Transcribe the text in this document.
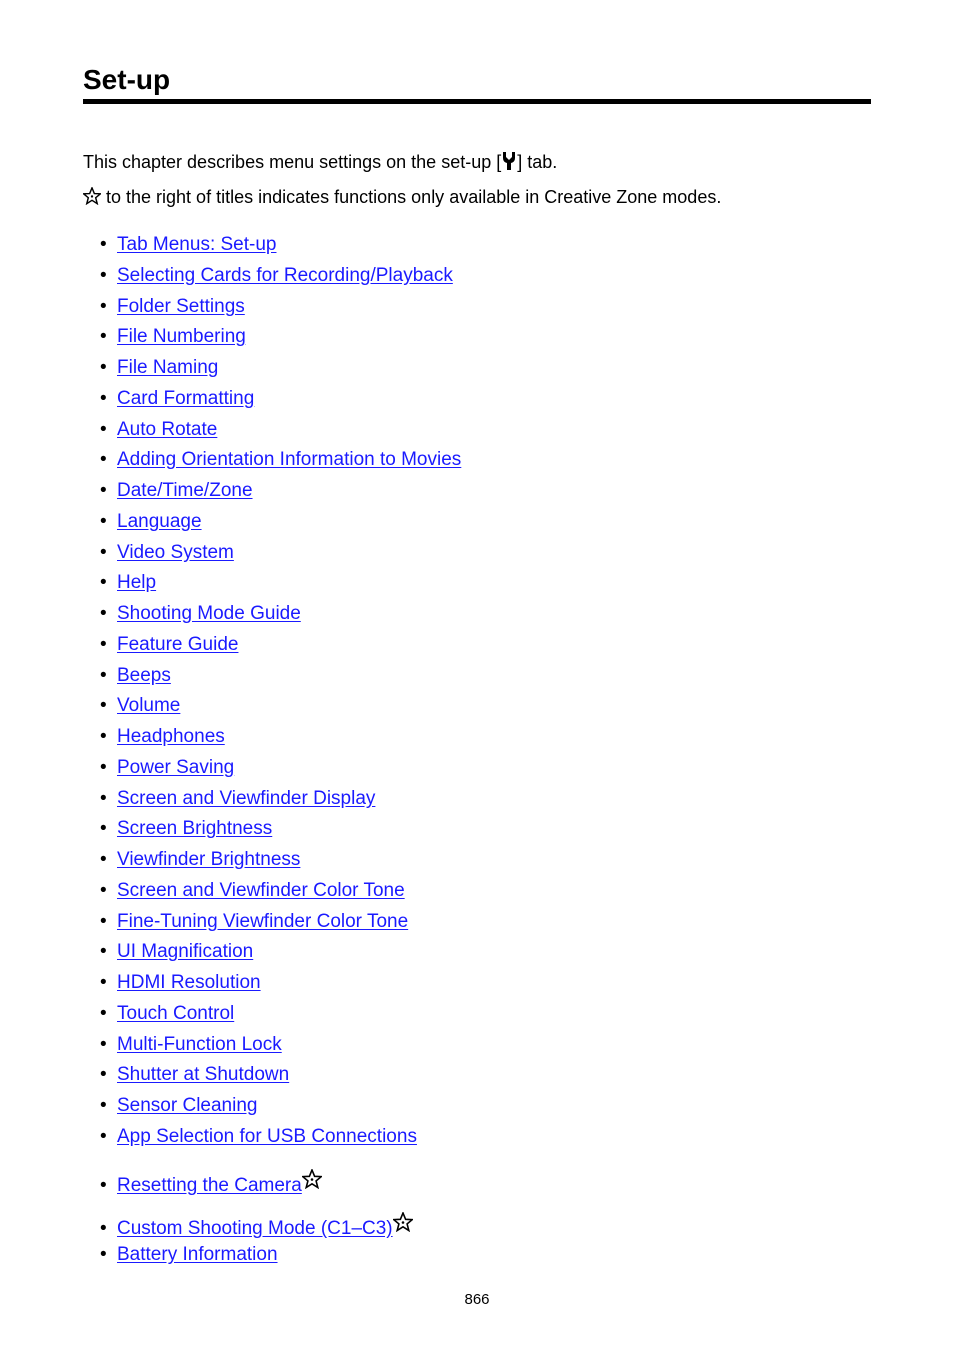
Set-up
This chapter describes menu settings on the set-up [ ] tab.
to the right of titles indicates functions only available in Creative Zone modes.
• Tab Menus: Set-up
• Selecting Cards for Recording/Playback
• Folder Settings
• File Numbering
• File Naming
• Card Formatting
• Auto Rotate
• Adding Orientation Information to Movies
• Date/Time/Zone
• Language
• Video System
• Help
• Shooting Mode Guide
• Feature Guide
• Beeps
• Volume
• Headphones
• Power Saving
• Screen and Viewfinder Display
• Screen Brightness
• Viewfinder Brightness
• Screen and Viewfinder Color Tone
• Fine-Tuning Viewfinder Color Tone
• UI Magnification
• HDMI Resolution
• Touch Control
• Multi-Function Lock
• Shutter at Shutdown
• Sensor Cleaning
• App Selection for USB Connections
• Resetting the Camera
• Custom Shooting Mode (C1–C3)
• Battery Information
866
